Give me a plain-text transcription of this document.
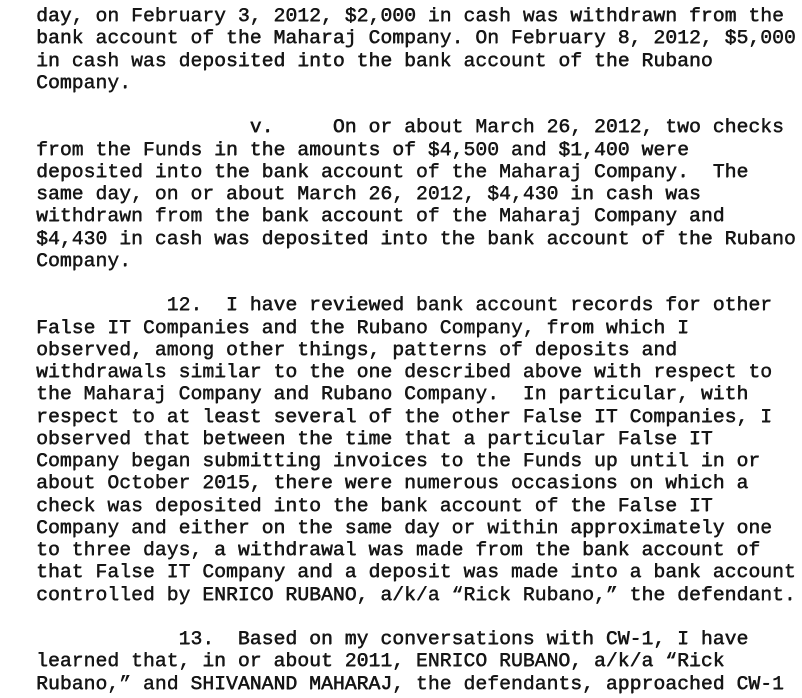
day, on February 3, 2012, $2,000 in cash was withdrawn from the
bank account of the Maharaj Company. On February 8, 2012, $5,000
in cash was deposited into the bank account of the Rubano
Company.
v.     On or about March 26, 2012, two checks
from the Funds in the amounts of $4,500 and $1,400 were
deposited into the bank account of the Maharaj Company.  The
same day, on or about March 26, 2012, $4,430 in cash was
withdrawn from the bank account of the Maharaj Company and
$4,430 in cash was deposited into the bank account of the Rubano
Company.
12.  I have reviewed bank account records for other
False IT Companies and the Rubano Company, from which I
observed, among other things, patterns of deposits and
withdrawals similar to the one described above with respect to
the Maharaj Company and Rubano Company.  In particular, with
respect to at least several of the other False IT Companies, I
observed that between the time that a particular False IT
Company began submitting invoices to the Funds up until in or
about October 2015, there were numerous occasions on which a
check was deposited into the bank account of the False IT
Company and either on the same day or within approximately one
to three days, a withdrawal was made from the bank account of
that False IT Company and a deposit was made into a bank account
controlled by ENRICO RUBANO, a/k/a “Rick Rubano,” the defendant.
13.  Based on my conversations with CW-1, I have
learned that, in or about 2011, ENRICO RUBANO, a/k/a “Rick
Rubano,” and SHIVANAND MAHARAJ, the defendants, approached CW-1
